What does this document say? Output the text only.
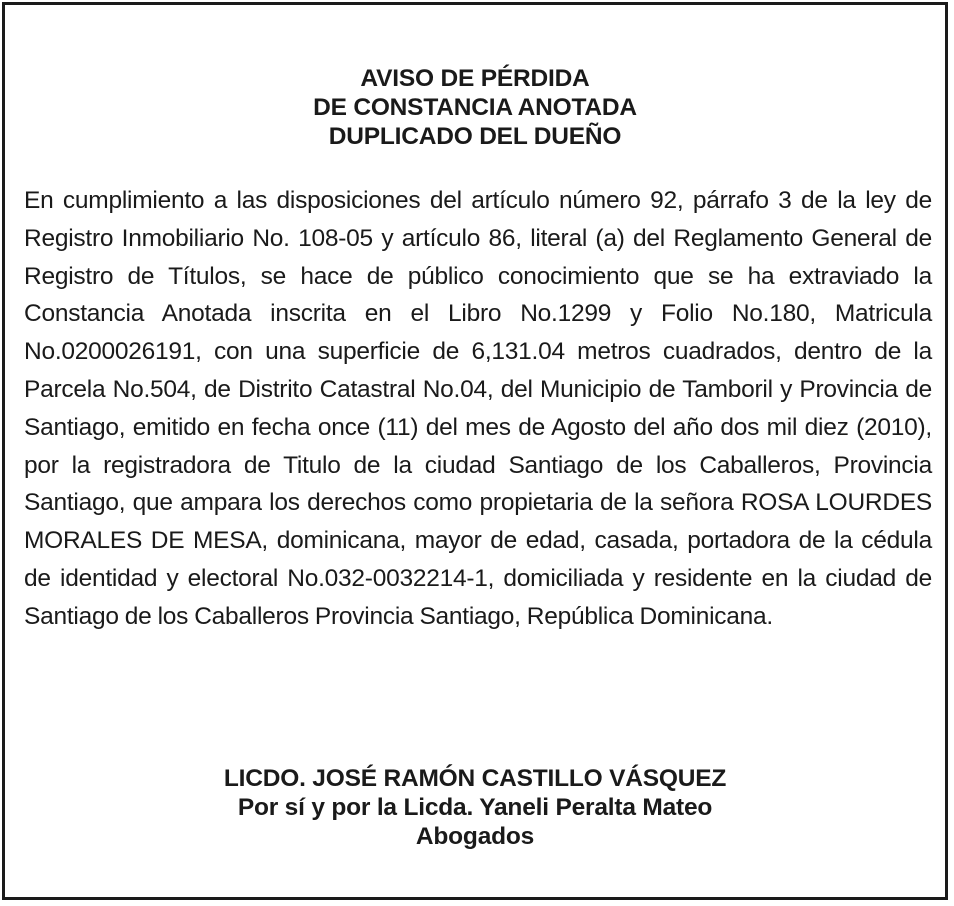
AVISO DE PÉRDIDA
DE CONSTANCIA ANOTADA
DUPLICADO DEL DUEÑO

En cumplimiento a las disposiciones del artículo número 92, párrafo 3 de la ley de Registro Inmobiliario No. 108-05 y artículo 86, literal (a) del Reglamento General de Registro de Títulos, se hace de público conocimiento que se ha extraviado la Constancia Anotada inscrita en el Libro No.1299 y Folio No.180, Matricula No.0200026191, con una superficie de 6,131.04 metros cuadrados, dentro de la Parcela No.504, de Distrito Catastral No.04, del Municipio de Tamboril y Provincia de Santiago, emitido en fecha once (11) del mes de Agosto del año dos mil diez (2010), por la registradora de Titulo de la ciudad Santiago de los Caballeros, Provincia Santiago, que ampara los derechos como propietaria de la señora ROSA LOURDES MORALES DE MESA, dominicana, mayor de edad, casada, portadora de la cédula de identidad y electoral No.032-0032214-1, domiciliada y residente en la ciudad de Santiago de los Caballeros Provincia Santiago, República Dominicana.

LICDO. JOSÉ RAMÓN CASTILLO VÁSQUEZ
Por sí y por la Licda. Yaneli Peralta Mateo
Abogados
